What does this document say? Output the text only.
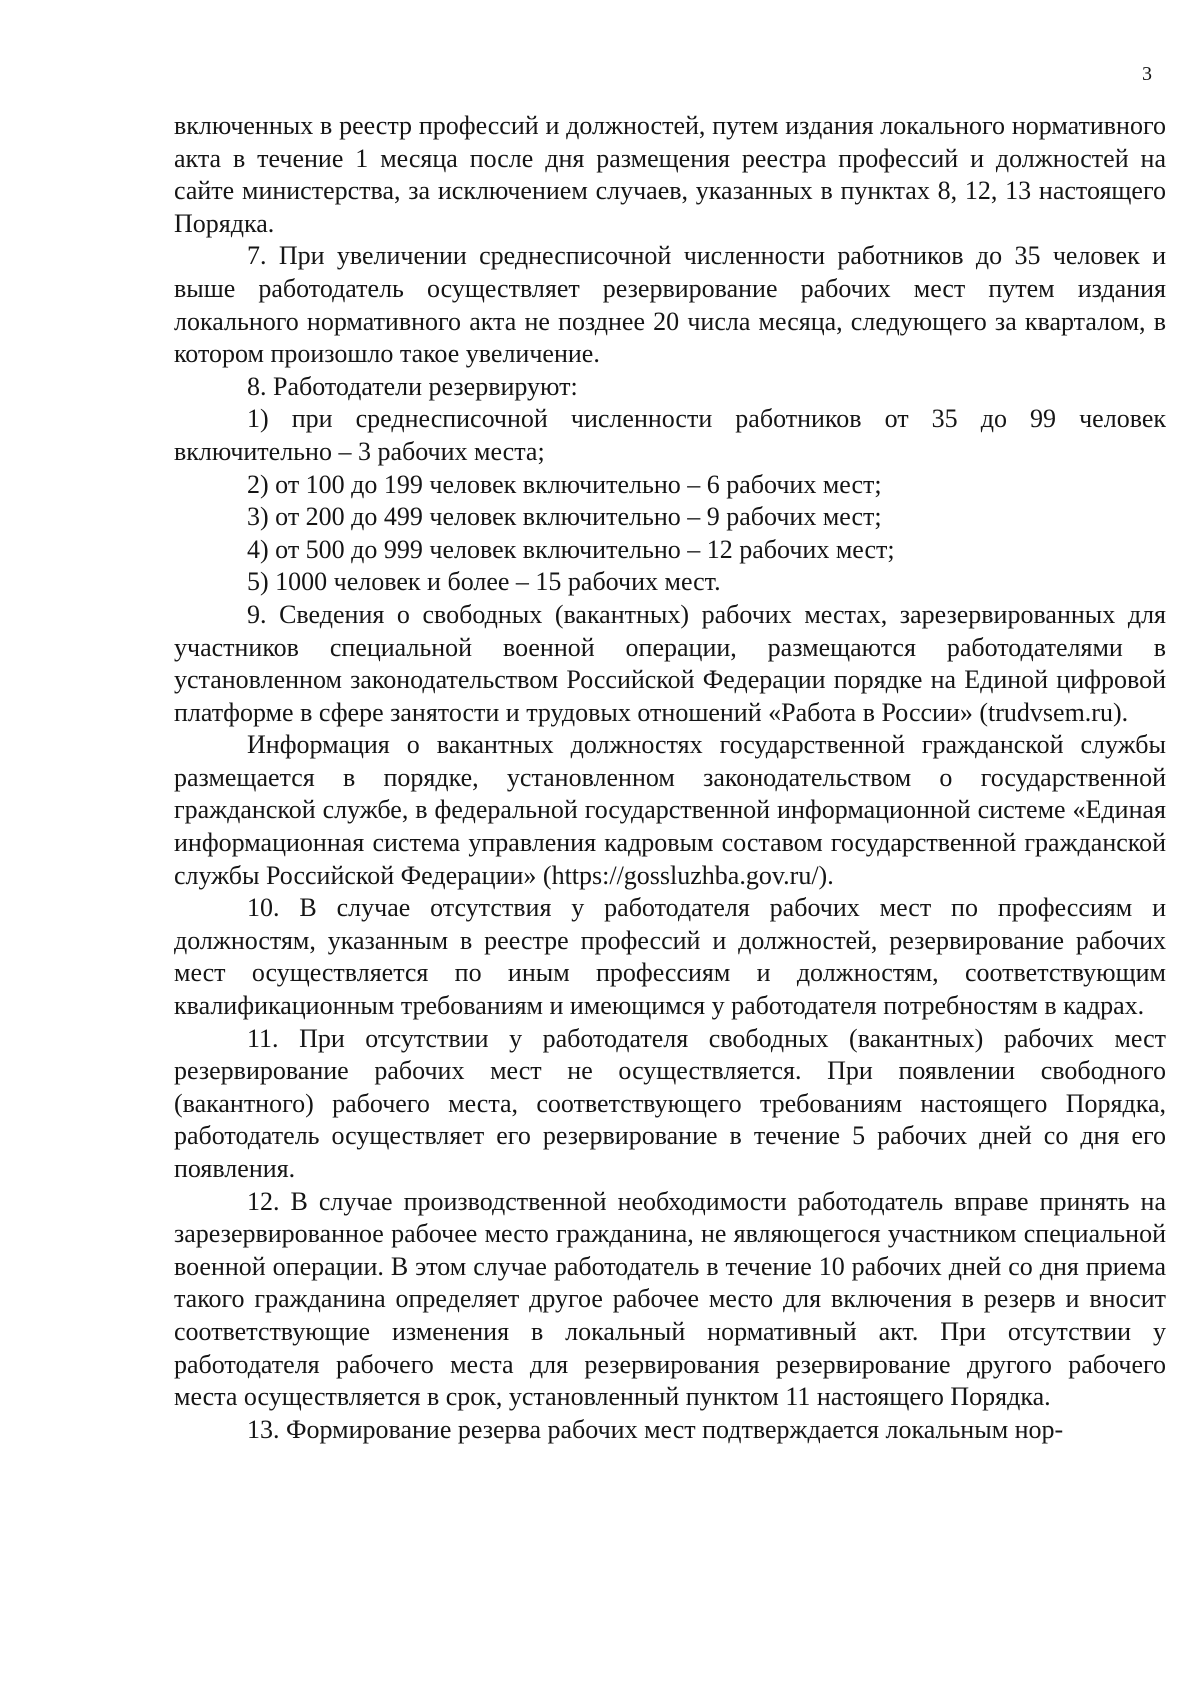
3

включенных в реестр профессий и должностей, путем издания локального нормативного акта в течение 1 месяца после дня размещения реестра профессий и должностей на сайте министерства, за исключением случаев, указанных в пунктах 8, 12, 13 настоящего Порядка.

7. При увеличении среднесписочной численности работников до 35 человек и выше работодатель осуществляет резервирование рабочих мест путем издания локального нормативного акта не позднее 20 числа месяца, следующего за кварталом, в котором произошло такое увеличение.

8. Работодатели резервируют:

1) при среднесписочной численности работников от 35 до 99 человек включительно – 3 рабочих места;

2) от 100 до 199 человек включительно – 6 рабочих мест;

3) от 200 до 499 человек включительно – 9 рабочих мест;

4) от 500 до 999 человек включительно – 12 рабочих мест;

5) 1000 человек и более – 15 рабочих мест.

9. Сведения о свободных (вакантных) рабочих местах, зарезервированных для участников специальной военной операции, размещаются работодателями в установленном законодательством Российской Федерации порядке на Единой цифровой платформе в сфере занятости и трудовых отношений «Работа в России» (trudvsem.ru).

Информация о вакантных должностях государственной гражданской службы размещается в порядке, установленном законодательством о государственной гражданской службе, в федеральной государственной информационной системе «Единая информационная система управления кадровым составом государственной гражданской службы Российской Федерации» (https://gossluzhba.gov.ru/).

10. В случае отсутствия у работодателя рабочих мест по профессиям и должностям, указанным в реестре профессий и должностей, резервирование рабочих мест осуществляется по иным профессиям и должностям, соответствующим квалификационным требованиям и имеющимся у работодателя потребностям в кадрах.

11. При отсутствии у работодателя свободных (вакантных) рабочих мест резервирование рабочих мест не осуществляется. При появлении свободного (вакантного) рабочего места, соответствующего требованиям настоящего Порядка, работодатель осуществляет его резервирование в течение 5 рабочих дней со дня его появления.

12. В случае производственной необходимости работодатель вправе принять на зарезервированное рабочее место гражданина, не являющегося участником специальной военной операции. В этом случае работодатель в течение 10 рабочих дней со дня приема такого гражданина определяет другое рабочее место для включения в резерв и вносит соответствующие изменения в локальный нормативный акт. При отсутствии у работодателя рабочего места для резервирования резервирование другого рабочего места осуществляется в срок, установленный пунктом 11 настоящего Порядка.

13. Формирование резерва рабочих мест подтверждается локальным нор-
